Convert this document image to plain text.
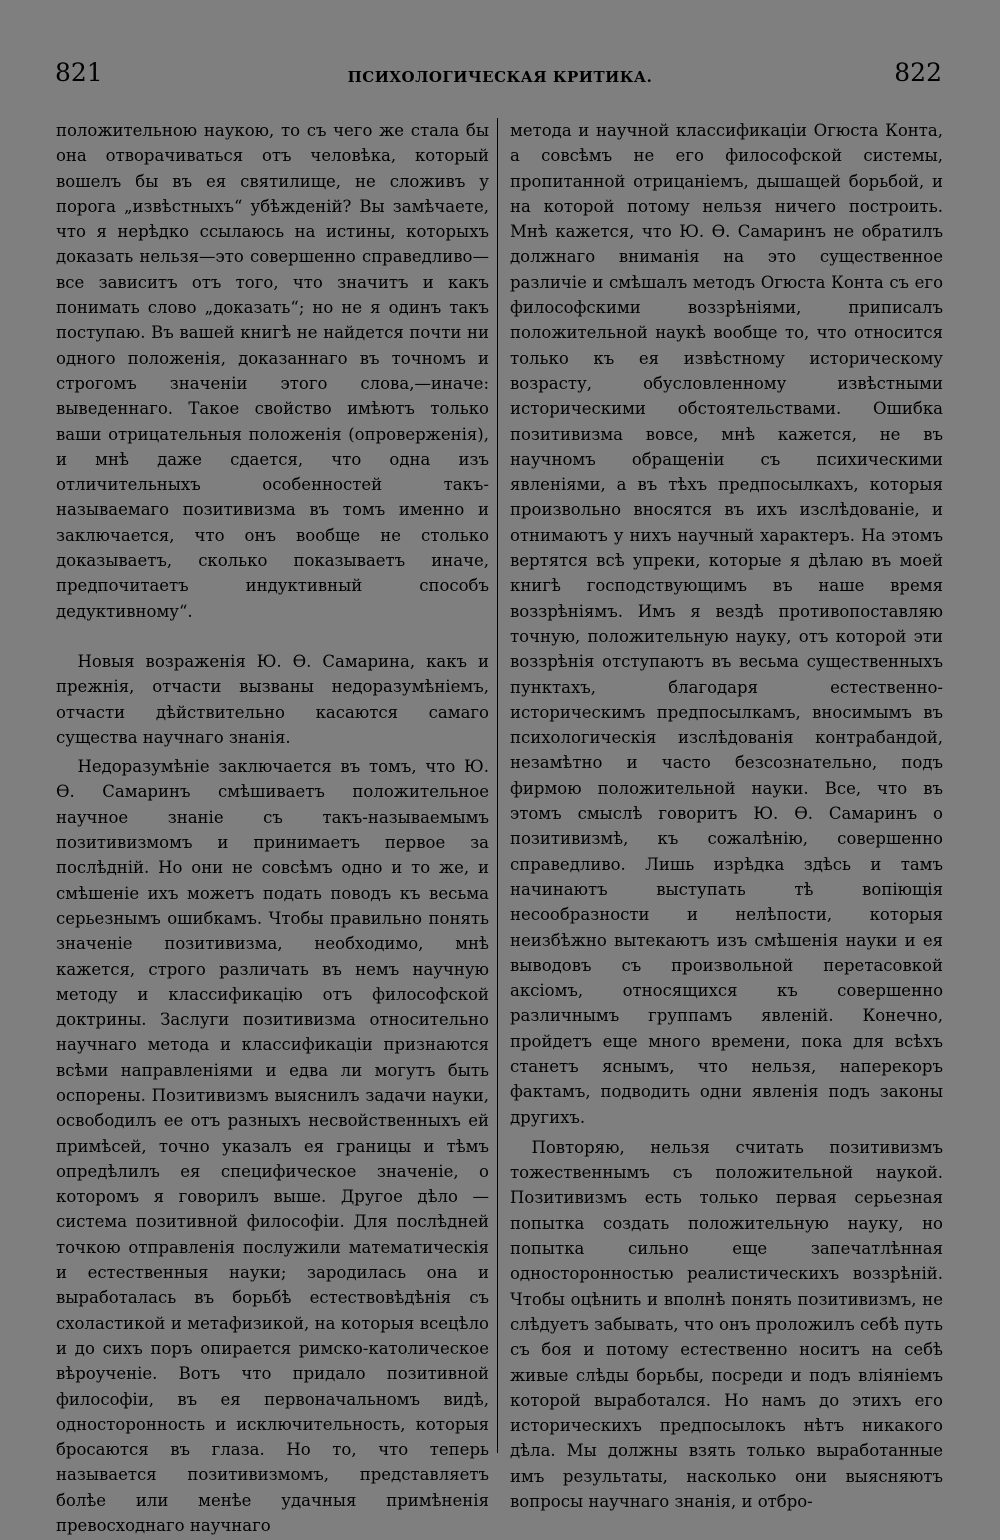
821	ПСИХОЛОГИЧЕСКАЯ КРИТИКА.	822

положительною наукою, то съ чего же стала бы она отворачиваться отъ человѣка, который вошелъ бы въ ея святилище, не сложивъ у порога „извѣстныхъ“ убѣжденій? Вы замѣчаете, что я нерѣдко ссылаюсь на истины, которыхъ доказать нельзя—это совершенно справедливо—все зависитъ отъ того, что значитъ и какъ понимать слово „доказать“; но не я одинъ такъ поступаю. Въ вашей книгѣ не найдется почти ни одного положенія, доказаннаго въ точномъ и строгомъ значеніи этого слова,—иначе: выведеннаго. Такое свойство имѣютъ только ваши отрицательныя положенія (опроверженія), и мнѣ даже сдается, что одна изъ отличительныхъ особенностей такъ-называемаго позитивизма въ томъ именно и заключается, что онъ вообще не столько доказываетъ, сколько показываетъ иначе, предпочитаетъ индуктивный способъ дедуктивному“.

Новыя возраженія Ю. Ѳ. Самарина, какъ и прежнія, отчасти вызваны недоразумѣніемъ, отчасти дѣйствительно касаются самаго существа научнаго знанія.

Недоразумѣніе заключается въ томъ, что Ю. Ѳ. Самаринъ смѣшиваетъ положительное научное знаніе съ такъ-называемымъ позитивизмомъ и принимаетъ первое за послѣдній. Но они не совсѣмъ одно и то же, и смѣшеніе ихъ можетъ подать поводъ къ весьма серьезнымъ ошибкамъ. Чтобы правильно понять значеніе позитивизма, необходимо, мнѣ кажется, строго различать въ немъ научную методу и классификацію отъ философской доктрины. Заслуги позитивизма относительно научнаго метода и классификаціи признаются всѣми направленіями и едва ли могутъ быть оспорены. Позитивизмъ выяснилъ задачи науки, освободилъ ее отъ разныхъ несвойственныхъ ей примѣсей, точно указалъ ея границы и тѣмъ опредѣлилъ ея специфическое значеніе, о которомъ я говорилъ выше. Другое дѣло — система позитивной философіи. Для послѣдней точкою отправленія послужили математическія и естественныя науки; зародилась она и выработалась въ борьбѣ естествовѣдѣнія съ схоластикой и метафизикой, на которыя всецѣло и до сихъ поръ опирается римско-католическое вѣроученіе. Вотъ что придало позитивной философіи, въ ея первоначальномъ видѣ, односторонность и исключительность, которыя бросаются въ глаза. Но то, что теперь называется позитивизмомъ, представляетъ болѣе или менѣе удачныя примѣненія превосходнаго научнаго

метода и научной классификаціи Огюста Конта, а совсѣмъ не его философской системы, пропитанной отрицаніемъ, дышащей борьбой, и на которой потому нельзя ничего построить. Мнѣ кажется, что Ю. Ѳ. Самаринъ не обратилъ должнаго вниманія на это существенное различіе и смѣшалъ методъ Огюста Конта съ его философскими воззрѣніями, приписалъ положительной наукѣ вообще то, что относится только къ ея извѣстному историческому возрасту, обусловленному извѣстными историческими обстоятельствами. Ошибка позитивизма вовсе, мнѣ кажется, не въ научномъ обращеніи съ психическими явленіями, а въ тѣхъ предпосылкахъ, которыя произвольно вносятся въ ихъ изслѣдованіе, и отнимаютъ у нихъ научный характеръ. На этомъ вертятся всѣ упреки, которые я дѣлаю въ моей книгѣ господствующимъ въ наше время воззрѣніямъ. Имъ я вездѣ противопоставляю точную, положительную науку, отъ которой эти воззрѣнія отступаютъ въ весьма существенныхъ пунктахъ, благодаря естественно-историческимъ предпосылкамъ, вносимымъ въ психологическія изслѣдованія контрабандой, незамѣтно и часто безсознательно, подъ фирмою положительной науки. Все, что въ этомъ смыслѣ говоритъ Ю. Ѳ. Самаринъ о позитивизмѣ, къ сожалѣнію, совершенно справедливо. Лишь изрѣдка здѣсь и тамъ начинаютъ выступать тѣ вопіющія несообразности и нелѣпости, которыя неизбѣжно вытекаютъ изъ смѣшенія науки и ея выводовъ съ произвольной перетасовкой аксіомъ, относящихся къ совершенно различнымъ группамъ явленій. Конечно, пройдетъ еще много времени, пока для всѣхъ станетъ яснымъ, что нельзя, наперекоръ фактамъ, подводить одни явленія подъ законы другихъ.

Повторяю, нельзя считать позитивизмъ тожественнымъ съ положительной наукой. Позитивизмъ есть только первая серьезная попытка создать положительную науку, но попытка сильно еще запечатлѣнная односторонностью реалистическихъ воззрѣній. Чтобы оцѣнить и вполнѣ понять позитивизмъ, не слѣдуетъ забывать, что онъ проложилъ себѣ путь съ боя и потому естественно носитъ на себѣ живые слѣды борьбы, посреди и подъ вліяніемъ которой выработался. Но намъ до этихъ его историческихъ предпосылокъ нѣтъ никакого дѣла. Мы должны взять только выработанные имъ результаты, насколько они выясняютъ вопросы научнаго знанія, и отбро-
